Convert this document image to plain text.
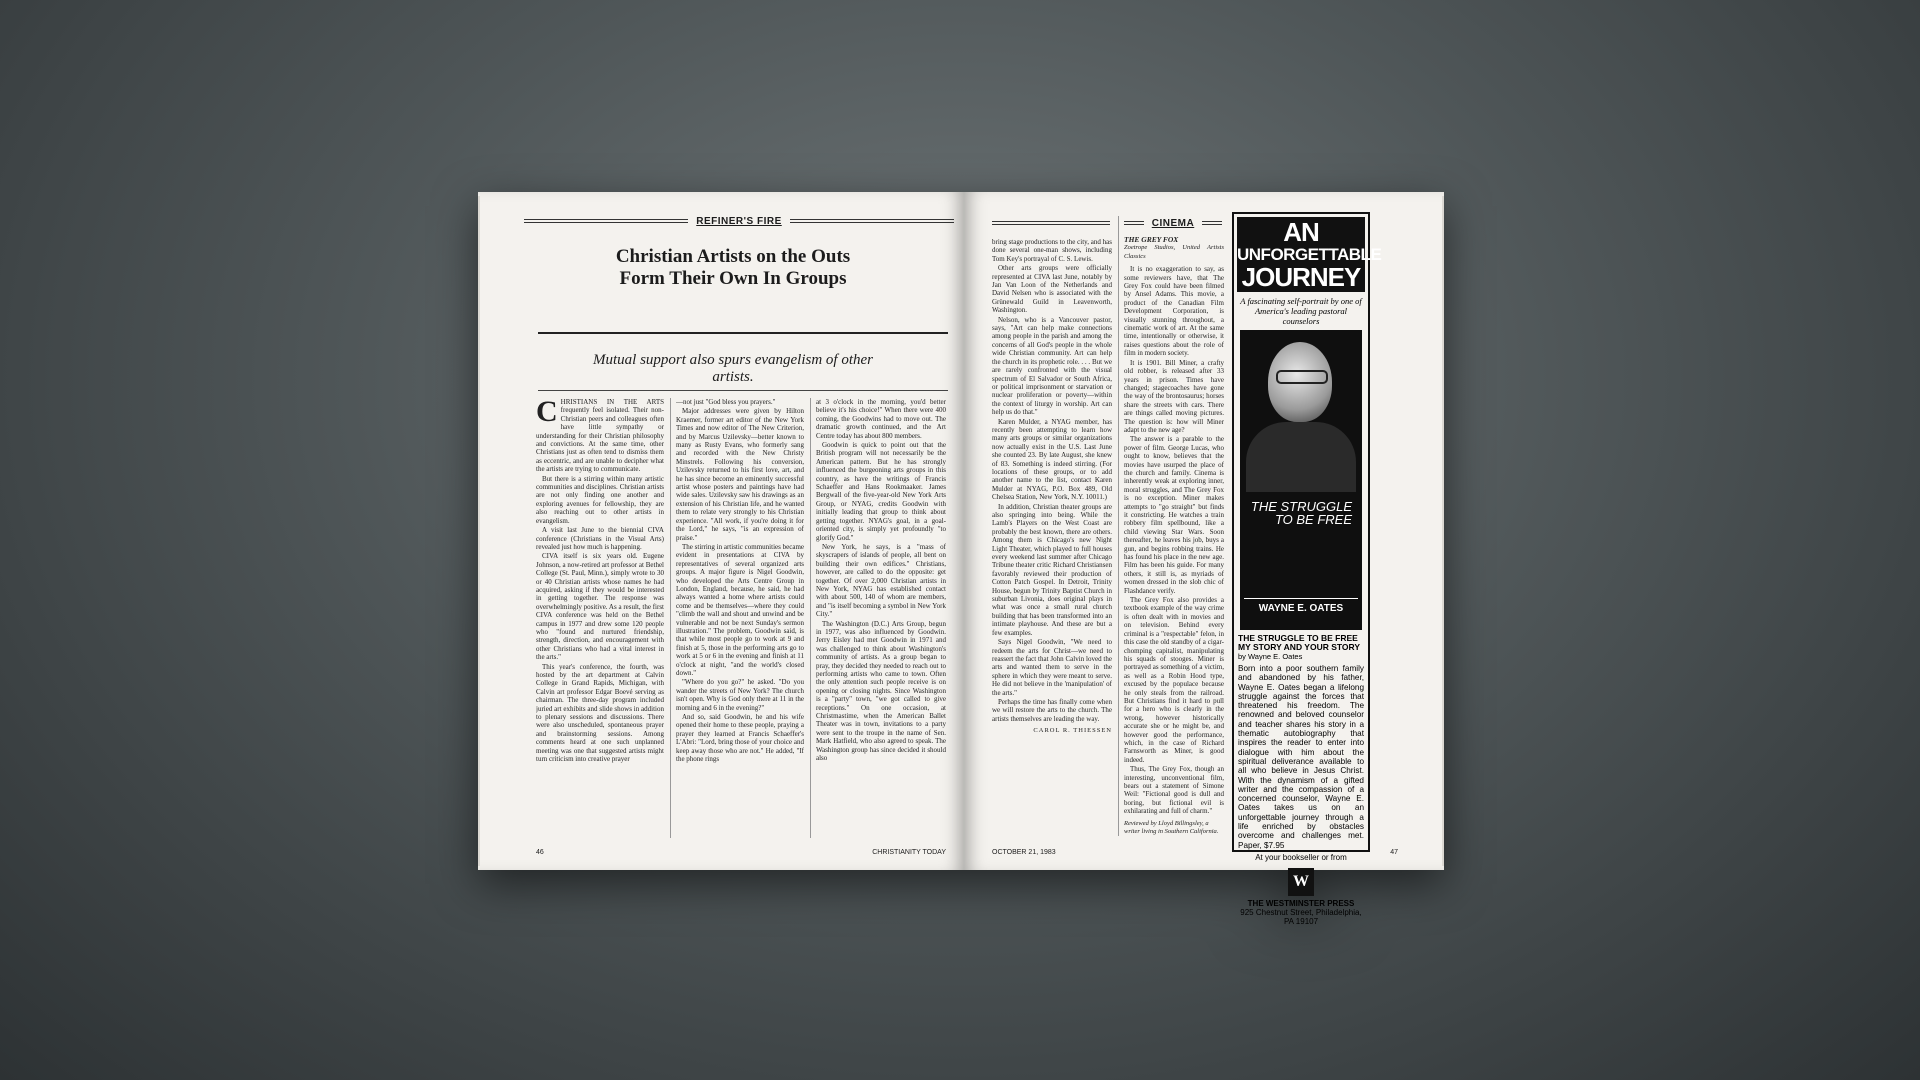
REFINER'S FIRE
Christian Artists on the Outs Form Their Own In Groups
Mutual support also spurs evangelism of other artists.

CHRISTIANS IN THE ARTS frequently feel isolated. Their non-Christian peers and colleagues often have little sympathy or understanding for their Christian philosophy and convictions. At the same time, other Christians just as often tend to dismiss them as eccentric, and are unable to decipher what the artists are trying to communicate.

But there is a stirring within many artistic communities and disciplines. Christian artists are not only finding one another and exploring avenues for fellowship, they are also reaching out to other artists in evangelism.

A visit last June to the biennial CIVA conference (Christians in the Visual Arts) revealed just how much is happening.

CIVA itself is six years old. Eugene Johnson, a now-retired art professor at Bethel College (St. Paul, Minn.), simply wrote to 30 or 40 Christian artists whose names he had acquired, asking if they would be interested in getting together. The response was overwhelmingly positive. As a result, the first CIVA conference was held on the Bethel campus in 1977 and drew some 120 people who "found and nurtured friendship, strength, direction, and encouragement with other Christians who had a vital interest in the arts."

This year's conference, the fourth, was hosted by the art department at Calvin College in Grand Rapids, Michigan, with Calvin art professor Edgar Boevé serving as chairman. The three-day program included juried art exhibits and slide shows in addition to plenary sessions and discussions. There were also unscheduled, spontaneous prayer and brainstorming sessions. Among comments heard at one such unplanned meeting was one that suggested artists might turn criticism into creative prayer

—not just "God bless you prayers."

Major addresses were given by Hilton Kraemer, former art editor of the New York Times and now editor of The New Criterion, and by Marcus Uzilevsky—better known to many as Rusty Evans, who formerly sang and recorded with the New Christy Minstrels. Following his conversion, Uzilevsky returned to his first love, art, and he has since become an eminently successful artist whose posters and paintings have had wide sales. Uzilevsky saw his drawings as an extension of his Christian life, and he wanted them to relate very strongly to his Christian experience. "All work, if you're doing it for the Lord," he says, "is an expression of praise."

The stirring in artistic communities became evident in presentations at CIVA by representatives of several organized arts groups. A major figure is Nigel Goodwin, who developed the Arts Centre Group in London, England, because, he said, he had always wanted a home where artists could come and be themselves—where they could "climb the wall and shout and unwind and be vulnerable and not be next Sunday's sermon illustration." The problem, Goodwin said, is that while most people go to work at 9 and finish at 5, those in the performing arts go to work at 5 or 6 in the evening and finish at 11 o'clock at night, "and the world's closed down."

"Where do you go?" he asked. "Do you wander the streets of New York? The church isn't open. Why is God only there at 11 in the morning and 6 in the evening?"

And so, said Goodwin, he and his wife opened their home to these people, praying a prayer they learned at Francis Schaeffer's L'Abri: "Lord, bring those of your choice and keep away those who are not." He added, "If the phone rings

at 3 o'clock in the morning, you'd better believe it's his choice!" When there were 400 coming, the Goodwins had to move out. The dramatic growth continued, and the Art Centre today has about 800 members.

Goodwin is quick to point out that the British program will not necessarily be the American pattern. But he has strongly influenced the burgeoning arts groups in this country, as have the writings of Francis Schaeffer and Hans Rookmaaker. James Bergwall of the five-year-old New York Arts Group, or NYAG, credits Goodwin with initially leading that group to think about getting together. NYAG's goal, in a goal-oriented city, is simply yet profoundly "to glorify God."

New York, he says, is a "mass of skyscrapers of islands of people, all bent on building their own edifices." Christians, however, are called to do the opposite: get together. Of over 2,000 Christian artists in New York, NYAG has established contact with about 500, 140 of whom are members, and "is itself becoming a symbol in New York City."

The Washington (D.C.) Arts Group, begun in 1977, was also influenced by Goodwin. Jerry Eisley had met Goodwin in 1971 and was challenged to think about Washington's community of artists. As a group began to pray, they decided they needed to reach out to performing artists who came to town. Often the only attention such people receive is on opening or closing nights. Since Washington is a "party" town, "we got called to give receptions." On one occasion, at Christmastime, when the American Ballet Theater was in town, invitations to a party were sent to the troupe in the name of Sen. Mark Hatfield, who also agreed to speak. The Washington group has since decided it should also

46	CHRISTIANITY TODAY

bring stage productions to the city, and has done several one-man shows, including Tom Key's portrayal of C. S. Lewis.

Other arts groups were officially represented at CIVA last June, notably by Jan Van Loon of the Netherlands and David Nelsen who is associated with the Grünewald Guild in Leavenworth, Washington.

Nelson, who is a Vancouver pastor, says, "Art can help make connections among people in the parish and among the concerns of all God's people in the whole wide Christian community. Art can help the church in its prophetic role. . . . But we are rarely confronted with the visual spectrum of El Salvador or South Africa, or political imprisonment or starvation or nuclear proliferation or poverty—within the context of liturgy in worship. Art can help us do that."

Karen Mulder, a NYAG member, has recently been attempting to learn how many arts groups or similar organizations now actually exist in the U.S. Last June she counted 23. By late August, she knew of 83. Something is indeed stirring. (For locations of these groups, or to add another name to the list, contact Karen Mulder at NYAG, P.O. Box 489, Old Chelsea Station, New York, N.Y. 10011.)

In addition, Christian theater groups are also springing into being. While the Lamb's Players on the West Coast are probably the best known, there are others. Among them is Chicago's new Night Light Theater, which played to full houses every weekend last summer after Chicago Tribune theater critic Richard Christiansen favorably reviewed their production of Cotton Patch Gospel. In Detroit, Trinity House, begun by Trinity Baptist Church in suburban Livonia, does original plays in what was once a small rural church building that has been transformed into an intimate playhouse. And these are but a few examples.

Says Nigel Goodwin, "We need to redeem the arts for Christ—we need to reassert the fact that John Calvin loved the arts and wanted them to serve in the sphere in which they were meant to serve. He did not believe in the 'manipulation' of the arts."

Perhaps the time has finally come when we will restore the arts to the church. The artists themselves are leading the way.

CAROL R. THIESSEN

CINEMA
THE GREY FOX
Zoetrope Studios, United Artists Classics

It is no exaggeration to say, as some reviewers have, that The Grey Fox could have been filmed by Ansel Adams. This movie, a product of the Canadian Film Development Corporation, is visually stunning throughout, a cinematic work of art. At the same time, intentionally or otherwise, it raises questions about the role of film in modern society.

It is 1901. Bill Miner, a crafty old robber, is released after 33 years in prison. Times have changed; stagecoaches have gone the way of the brontosaurus; horses share the streets with cars. There are things called moving pictures. The question is: how will Miner adapt to the new age?

The answer is a parable to the power of film. George Lucas, who ought to know, believes that the movies have usurped the place of the church and family. Cinema is inherently weak at exploring inner, moral struggles, and The Grey Fox is no exception. Miner makes attempts to "go straight" but finds it constricting. He watches a train robbery film spellbound, like a child viewing Star Wars. Soon thereafter, he leaves his job, buys a gun, and begins robbing trains. He has found his place in the new age. Film has been his guide. For many others, it still is, as myriads of women dressed in the slob chic of Flashdance verify.

The Grey Fox also provides a textbook example of the way crime is often dealt with in movies and on television. Behind every criminal is a "respectable" felon, in this case the old standby of a cigar-chomping capitalist, manipulating his squads of stooges. Miner is portrayed as something of a victim, as well as a Robin Hood type, excused by the populace because he only steals from the railroad. But Christians find it hard to pull for a hero who is clearly in the wrong, however historically accurate she or he might be, and however good the performance, which, in the case of Richard Farnsworth as Miner, is good indeed.

Thus, The Grey Fox, though an interesting, unconventional film, bears out a statement of Simone Weil: "Fictional good is dull and boring, but fictional evil is exhilarating and full of charm."

Reviewed by Lloyd Billingsley, a writer living in Southern California.
OCTOBER 21, 1983	47
AN
UNFORGETTABLE
JOURNEY
A fascinating self-portrait by one of America's leading pastoral counselors
THE STRUGGLE TO BE FREE
WAYNE E. OATES
THE STRUGGLE TO BE FREE MY STORY AND YOUR STORY
by Wayne E. Oates
Born into a poor southern family and abandoned by his father, Wayne E. Oates began a lifelong struggle against the forces that threatened his freedom. The renowned and beloved counselor and teacher shares his story in a thematic autobiography that inspires the reader to enter into dialogue with him about the spiritual deliverance available to all who believe in Jesus Christ. With the dynamism of a gifted writer and the compassion of a concerned counselor, Wayne E. Oates takes us on an unforgettable journey through a life enriched by obstacles overcome and challenges met. Paper, $7.95
At your bookseller or from
W
THE WESTMINSTER PRESS
925 Chestnut Street, Philadelphia,
PA 19107
